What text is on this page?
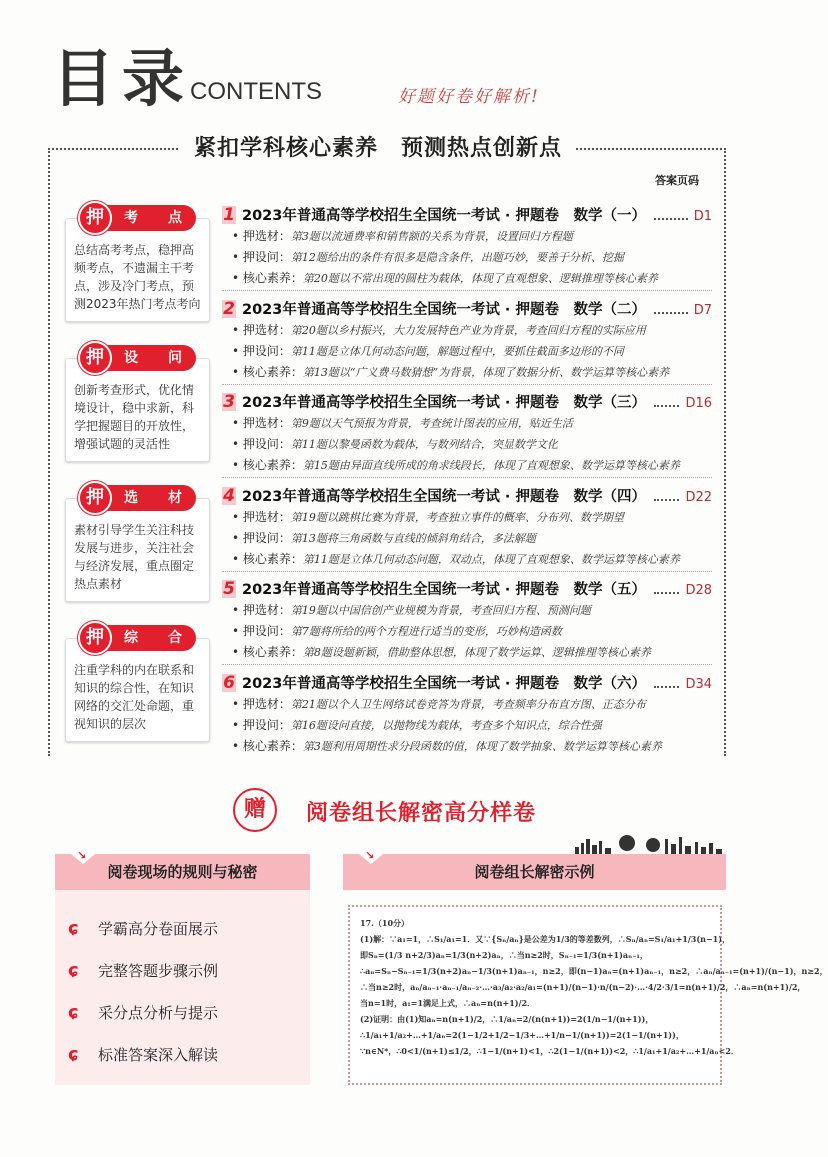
目录
CONTENTS	好题好卷好解析!
紧扣学科核心素养　预测热点创新点
答案页码
押	考 点
总结高考考点，稳押高频考点，不遗漏主干考点，涉及冷门考点，预测2023年热门考点考向
押	设 问
创新考查形式，优化情境设计，稳中求新，科学把握题目的开放性，增强试题的灵活性
押	选 材
素材引导学生关注科技发展与进步，关注社会与经济发展，重点圈定热点素材
押	综 合
注重学科的内在联系和知识的综合性，在知识网络的交汇处命题，重视知识的层次
1 2023年普通高等学校招生全国统一考试 · 押题卷　数学（一）	D1
• 押选材：第3题以流通费率和销售额的关系为背景，设置回归方程题
• 押设问：第12题给出的条件有很多是隐含条件，出题巧妙，要善于分析、挖掘
• 核心素养：第20题以不常出现的圆柱为载体，体现了直观想象、逻辑推理等核心素养
2 2023年普通高等学校招生全国统一考试 · 押题卷　数学（二）	D7
• 押选材：第20题以乡村振兴，大力发展特色产业为背景，考查回归方程的实际应用
• 押设问：第11题是立体几何动态问题，解题过程中，要抓住截面多边形的不同
• 核心素养：第13题以“广义费马数猜想”为背景，体现了数据分析、数学运算等核心素养
3 2023年普通高等学校招生全国统一考试 · 押题卷　数学（三）	D16
• 押选材：第9题以天气预报为背景，考查统计图表的应用，贴近生活
• 押设问：第11题以黎曼函数为载体，与数列结合，突显数学文化
• 核心素养：第15题由异面直线所成的角求线段长，体现了直观想象、数学运算等核心素养
4 2023年普通高等学校招生全国统一考试 · 押题卷　数学（四）	D22
• 押选材：第19题以跳棋比赛为背景，考查独立事件的概率、分布列、数学期望
• 押设问：第13题将三角函数与直线的倾斜角结合，多法解题
• 核心素养：第11题是立体几何动态问题，双动点，体现了直观想象、数学运算等核心素养
5 2023年普通高等学校招生全国统一考试 · 押题卷　数学（五）	D28
• 押选材：第19题以中国信创产业规模为背景，考查回归方程、预测问题
• 押设问：第7题将所给的两个方程进行适当的变形，巧妙构造函数
• 核心素养：第8题设题新颖，借助整体思想，体现了数学运算、逻辑推理等核心素养
6 2023年普通高等学校招生全国统一考试 · 押题卷　数学（六）	D34
• 押选材：第21题以个人卫生网络试卷竞答为背景，考查频率分布直方图、正态分布
• 押设问：第16题设问直接，以抛物线为载体，考查多个知识点，综合性强
• 核心素养：第3题利用周期性求分段函数的值，体现了数学抽象、数学运算等核心素养
赠	阅卷组长解密高分样卷
↘
阅卷现场的规则与秘密
↘
阅卷组长解密示例
ɕ 学霸高分卷面展示
ɕ 完整答题步骤示例
ɕ 采分点分析与提示
ɕ 标准答案深入解读
17.（10分）
(1)解：∵a₁=1，∴S₁/a₁=1．又∵{Sₙ/aₙ}是公差为1/3的等差数列，∴Sₙ/aₙ=S₁/a₁+1/3(n−1)，
即Sₙ=(1/3 n+2/3)aₙ=1/3(n+2)aₙ，∴当n≥2时，Sₙ₋₁=1/3(n+1)aₙ₋₁，
∴aₙ=Sₙ−Sₙ₋₁=1/3(n+2)aₙ−1/3(n+1)aₙ₋₁，n≥2，即(n−1)aₙ=(n+1)aₙ₋₁，n≥2，∴aₙ/aₙ₋₁=(n+1)/(n−1)，n≥2，
∴当n≥2时，aₙ/aₙ₋₁·aₙ₋₁/aₙ₋₂·…·a₃/a₂·a₂/a₁=(n+1)/(n−1)·n/(n−2)·…·4/2·3/1=n(n+1)/2，∴aₙ=n(n+1)/2，
当n=1时，a₁=1满足上式，∴aₙ=n(n+1)/2．
(2)证明：由(1)知aₙ=n(n+1)/2，∴1/aₙ=2/(n(n+1))=2(1/n−1/(n+1))，
∴1/a₁+1/a₂+…+1/aₙ=2(1−1/2+1/2−1/3+…+1/n−1/(n+1))=2(1−1/(n+1))，
∵n∈N*，∴0<1/(n+1)≤1/2，∴1−1/(n+1)<1，∴2(1−1/(n+1))<2，∴1/a₁+1/a₂+…+1/aₙ<2．
